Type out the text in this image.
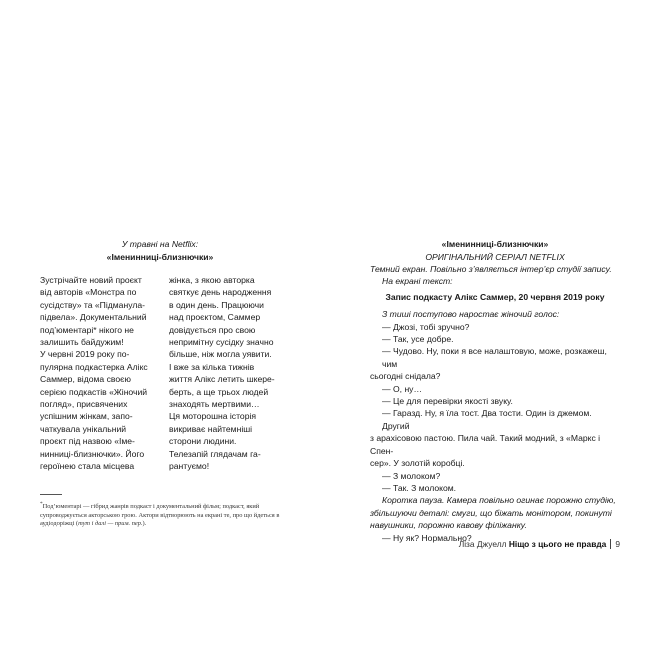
У травні на Netflix:
«Іменинниці-близнючки»

Зустрічайте новий проєкт

від авторів «Монстра по

сусідству» та «Підманула-

підвела». Документальний

под’юментарі* нікого не

залишить байдужим!

У червні 2019 року по-

пулярна подкастерка Алікс

Саммер, відома своєю

серією подкастів «Жіночий

погляд», присвячених

успішним жінкам, запо-

чаткувала унікальний

проєкт під назвою «Іме-

нинниці-близнючки». Його

героїнею стала місцева

жінка, з якою авторка

святкує день народження

в один день. Працюючи

над проєктом, Саммер

довідується про свою

непримітну сусідку значно

більше, ніж могла уявити.

І вже за кілька тижнів

життя Алікс летить шкере-

берть, а ще трьох людей

знаходять мертвими…

Ця моторошна історія

викриває найтемніші

сторони людини.

Телезапій глядачам га-

рантуємо!

*Под’юментарі — гібрид жанрів подкаст і документальний фільм; подкаст, який супроводжується акторською грою. Актори відтворюють на екрані те, про що йдеться в аудіодоріжці (тут і далі — прим. пер.).
«Іменинниці-близнючки»
ОРИГІНАЛЬНИЙ СЕРІАЛ NETFLIX

Темний екран. Повільно з’являється інтер’єр студії запису.

На екрані текст:

Запис подкасту Алікс Саммер, 20 червня 2019 року

З тиші поступово наростає жіночий голос:

— Джозі, тобі зручно?

— Так, усе добре.

— Чудово. Ну, поки я все налаштовую, може, розкажеш, чим

сьогодні снідала?

— О, ну…

— Це для перевірки якості звуку.

— Гаразд. Ну, я їла тост. Два тости. Один із джемом. Другий

з арахісовою пастою. Пила чай. Такий модний, з «Маркс і Спен-

сер». У золотій коробці.

— З молоком?

— Так. З молоком.

Коротка пауза. Камера повільно огинає порожню студію,

збільшуючи деталі: смуги, що біжать монітором, покинуті

навушники, порожню кавову філіжанку.

— Ну як? Нормально?

Ліза Джуелл Ніщо з цього не правда 9
